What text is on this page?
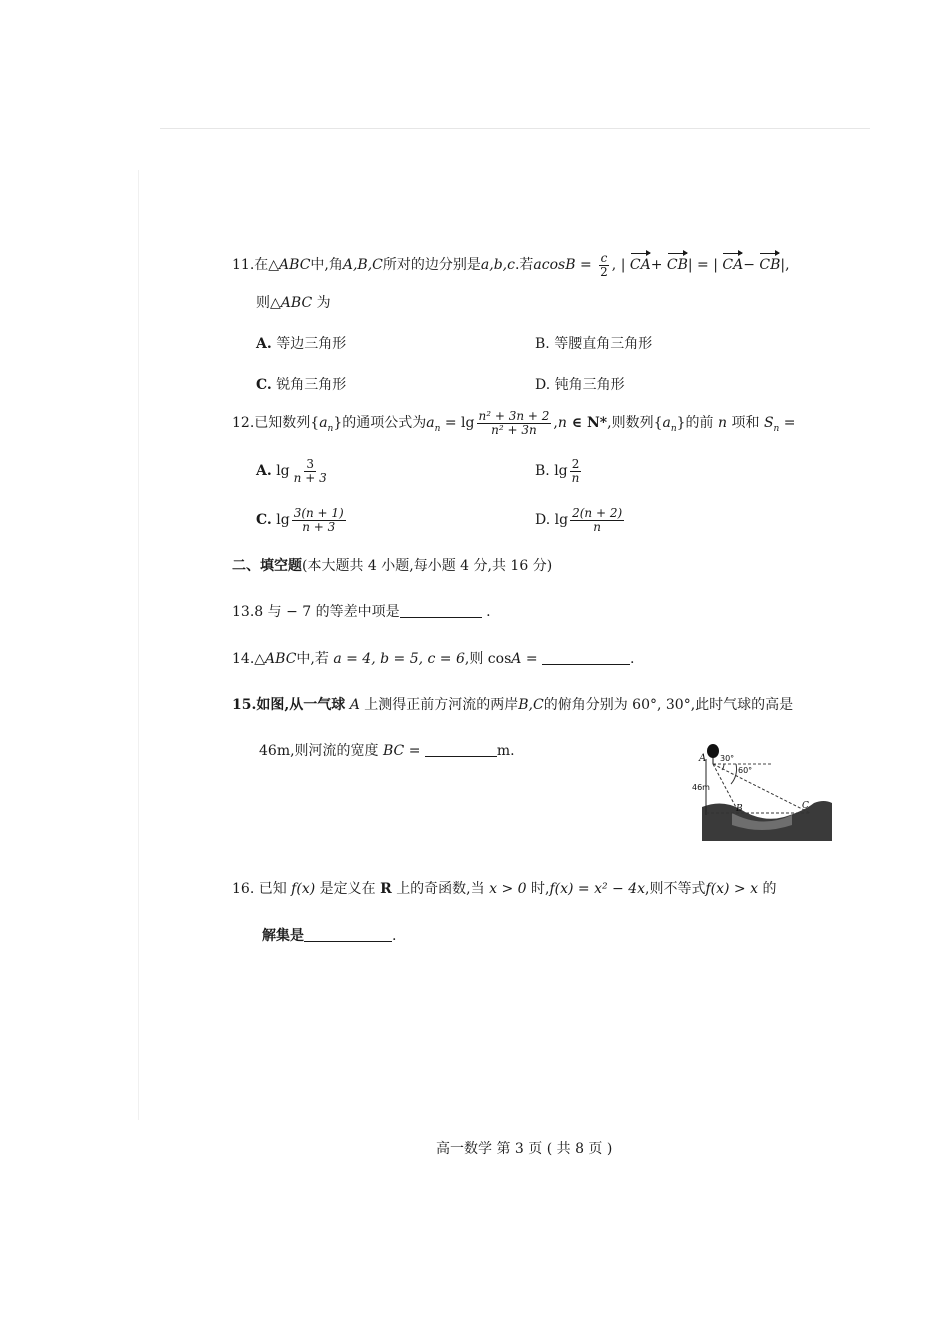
11.在△ABC中,角A,B,C所对的边分别是a,b,c.若$acosB = \frac{c}{2}$ , | CA+ CB| = | CA− CB|,
则△ABC 为
A. 等边三角形	B. 等腰直角三角形
C. 锐角三角形	D. 钝角三角形
12.已知数列$\{a_n\}$的通项公式为$a_n = \lg \frac{\text{n² + 3n + 2}}{\text{n² + 3n}} ,n$ ∈ N*,则数列$\{a_n\}$的前 n 项和 $S_n$ =
A. $\lg \frac{3}{n + 3}$	B. $\lg \frac{2}{n}$
C. $\lg \frac{3(n + 1)}{n + 3}$	D. $\lg \frac{2(n + 2)}{n}$
二、填空题(本大题共 4 小题,每小题 4 分,共 16 分)
13.8 与 − 7 的等差中项是	.
14.△ABC中,若 a = 4, b = 5, c = 6,则 cosA =	.
15.如图,从一气球 A 上测得正前方河流的两岸B,C的俯角分别为 60°, 30°,此时气球的高是
46m,则河流的宽度 BC =	m.	A
46m
30°
60°
B	C
16. 已知 f(x) 是定义在 R 上的奇函数,当 x > 0 时,f(x) = x² − 4x,则不等式f(x) > x 的
解集是	.
高一数学 第 3 页 ( 共 8 页 )
